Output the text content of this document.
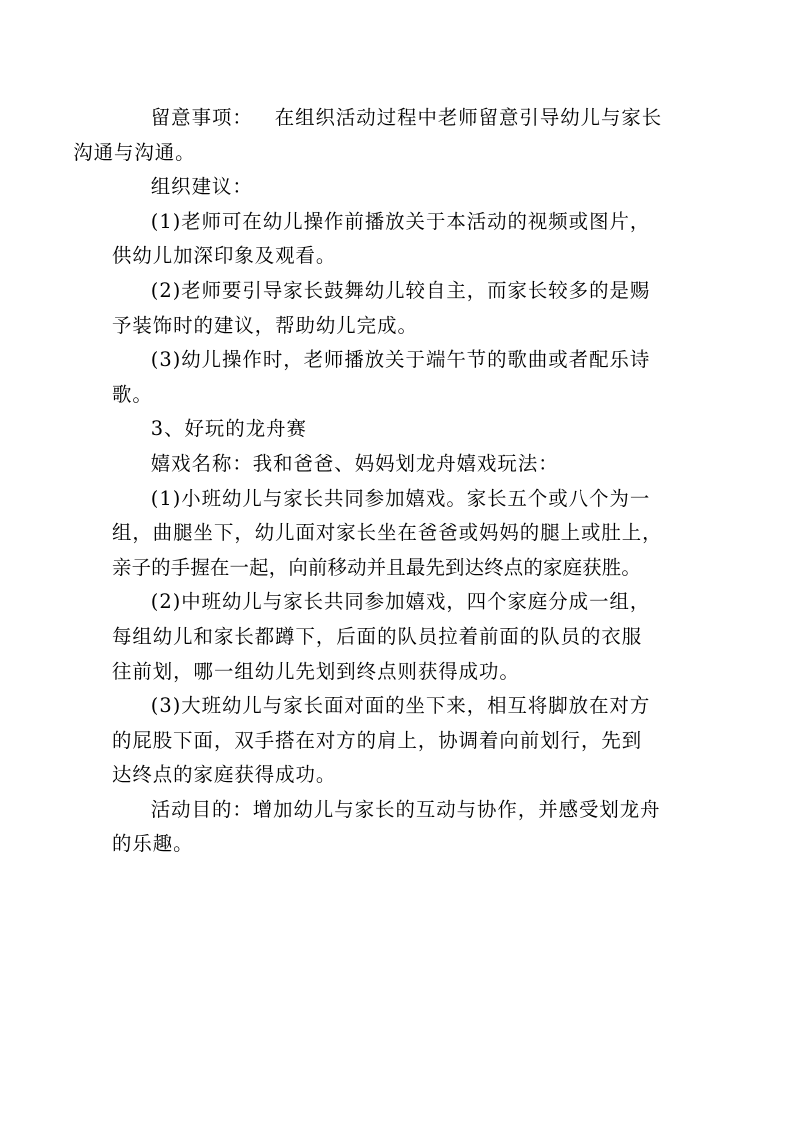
留意事项： 在组织活动过程中老师留意引导幼儿与家长
沟通与沟通。

组织建议：

(1)老师可在幼儿操作前播放关于本活动的视频或图片，
供幼儿加深印象及观看。

(2)老师要引导家长鼓舞幼儿较自主，而家长较多的是赐
予装饰时的建议，帮助幼儿完成。

(3)幼儿操作时，老师播放关于端午节的歌曲或者配乐诗
歌。

3、好玩的龙舟赛

嬉戏名称：我和爸爸、妈妈划龙舟嬉戏玩法：

(1)小班幼儿与家长共同参加嬉戏。家长五个或八个为一
组，曲腿坐下，幼儿面对家长坐在爸爸或妈妈的腿上或肚上，
亲子的手握在一起，向前移动并且最先到达终点的家庭获胜。

(2)中班幼儿与家长共同参加嬉戏，四个家庭分成一组，
每组幼儿和家长都蹲下，后面的队员拉着前面的队员的衣服
往前划，哪一组幼儿先划到终点则获得成功。

(3)大班幼儿与家长面对面的坐下来，相互将脚放在对方
的屁股下面，双手搭在对方的肩上，协调着向前划行，先到
达终点的家庭获得成功。

活动目的：增加幼儿与家长的互动与协作，并感受划龙舟
的乐趣。
